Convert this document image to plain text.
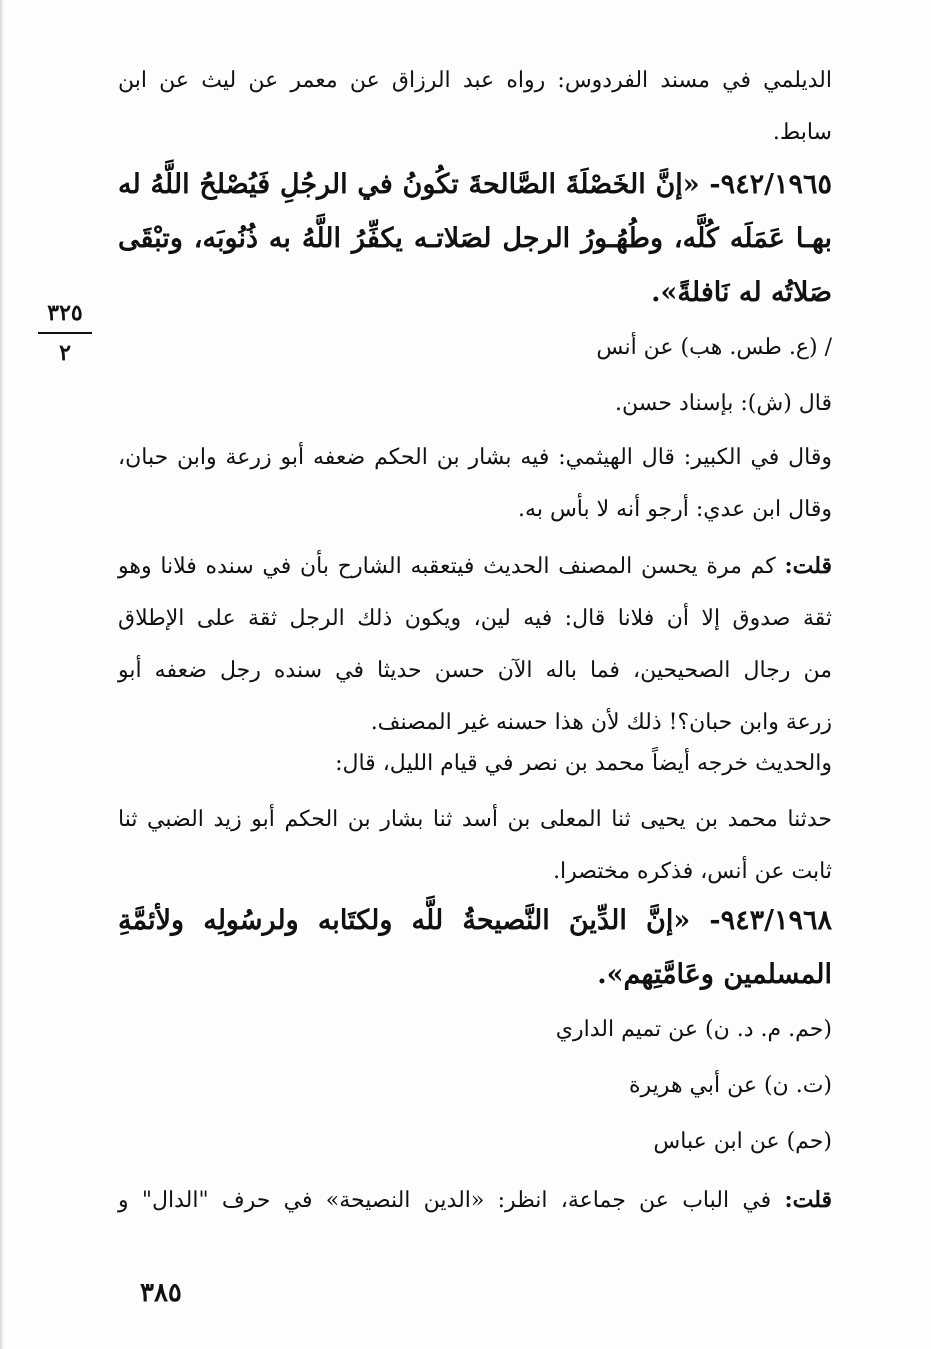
الديلمي في مسند الفردوس: رواه عبد الرزاق عن معمر عن ليث عن ابن
سابط.
٩٤٢/١٩٦٥- «إنَّ الخَصْلَةَ الصَّالحةَ تكُونُ في الرجُلِ فَيُصْلحُ اللَّهُ له
بهـا عَمَلَه كُلَّه، وطُهُـورُ الرجل لصَلاتـه يكفِّرُ اللَّهُ به ذُنُوبَه، وتبْقَى
صَلاتُه له نَافلةً».
/ (ع. طس. هب) عن أنس
٣٢٥
٢
قال (ش): بإسناد حسن.
وقال في الكبير: قال الهيثمي: فيه بشار بن الحكم ضعفه أبو زرعة وابن حبان،
وقال ابن عدي: أرجو أنه لا بأس به.
قلت: كم مرة يحسن المصنف الحديث فيتعقبه الشارح بأن في سنده فلانا وهو
ثقة صدوق إلا أن فلانا قال: فيه لين، ويكون ذلك الرجل ثقة على الإطلاق
من رجال الصحيحين، فما باله الآن حسن حديثا في سنده رجل ضعفه أبو
زرعة وابن حبان؟! ذلك لأن هذا حسنه غير المصنف.
والحديث خرجه أيضاً محمد بن نصر في قيام الليل، قال:
حدثنا محمد بن يحيى ثنا المعلى بن أسد ثنا بشار بن الحكم أبو زيد الضبي ثنا
ثابت عن أنس، فذكره مختصرا.
٩٤٣/١٩٦٨- «إنَّ الدِّينَ النَّصيحةُ للَّه ولكتَابه ولرسُولِه ولأئمَّةِ
المسلمين وعَامَّتِهم».
(حم. م. د. ن) عن تميم الداري
(ت. ن) عن أبي هريرة
(حم) عن ابن عباس
قلت: في الباب عن جماعة، انظر: «الدين النصيحة» في حرف "الدال" و
٣٨٥
